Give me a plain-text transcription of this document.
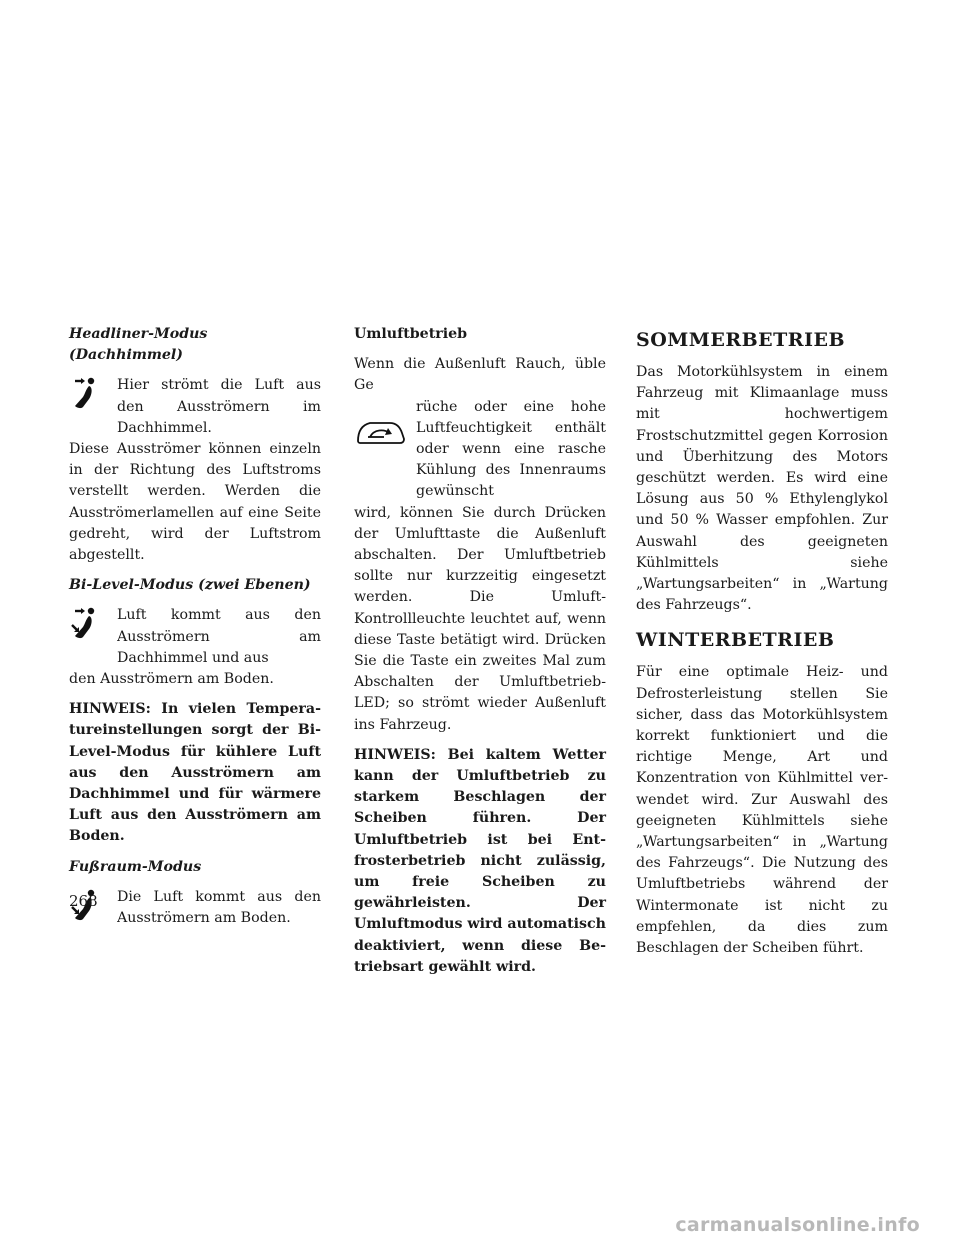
Headliner-Modus (Dachhimmel)

Hier strömt die Luft aus den Ausströmern im Dachhimmel.

Diese Ausströmer können einzeln in der Richtung des Luftstroms verstellt werden. Werden die Ausströmerlamellen auf eine Seite gedreht, wird der Luftstrom abgestellt.

Bi-Level-Modus (zwei Ebenen)

Luft kommt aus den Ausströmern am Dachhimmel und aus

den Ausströmern am Boden.

HINWEIS: In vielen Temperatureinstellungen sorgt der Bi-Level-Modus für kühlere Luft aus den Ausströmern am Dachhimmel und für wärmere Luft aus den Ausströmern am Boden.

Fußraum-Modus

Die Luft kommt aus den Ausströmern am Boden.

Umluftbetrieb

Wenn die Außenluft Rauch, üble Ge

rüche oder eine hohe Luftfeuchtigkeit enthält oder wenn eine rasche Kühlung des Innenraums gewünscht

wird, können Sie durch Drücken der Umlufttaste die Außenluft abschalten. Der Umluftbetrieb sollte nur kurzzeitig eingesetzt werden. Die Umluft-Kontrollleuchte leuchtet auf, wenn diese Taste betätigt wird. Drücken Sie die Taste ein zweites Mal zum Abschalten der Umluftbetrieb-LED; so strömt wieder Außenluft ins Fahrzeug.

HINWEIS: Bei kaltem Wetter kann der Umluftbetrieb zu starkem Beschlagen der Scheiben führen. Der Umluftbetrieb ist bei Entfrosterbetrieb nicht zulässig, um freie Scheiben zu gewährleisten. Der Umluftmodus wird automatisch deaktiviert, wenn diese Betriebsart gewählt wird.

SOMMERBETRIEB

Das Motorkühlsystem in einem Fahrzeug mit Klimaanlage muss mit hochwertigem Frostschutzmittel gegen Korrosion und Überhitzung des Motors geschützt werden. Es wird eine Lösung aus 50 % Ethylenglykol und 50 % Wasser empfohlen. Zur Auswahl des geeigneten Kühlmittels siehe „Wartungsarbeiten“ in „Wartung des Fahrzeugs“.

WINTERBETRIEB

Für eine optimale Heiz- und Defrosterleistung stellen Sie sicher, dass das Motorkühlsystem korrekt funktioniert und die richtige Menge, Art und Konzentration von Kühlmittel verwendet wird. Zur Auswahl des geeigneten Kühlmittels siehe „Wartungsarbeiten“ in „Wartung des Fahrzeugs“. Die Nutzung des Umluftbetriebs während der Wintermonate ist nicht zu empfehlen, da dies zum Beschlagen der Scheiben führt.

268
carmanualsonline.info
